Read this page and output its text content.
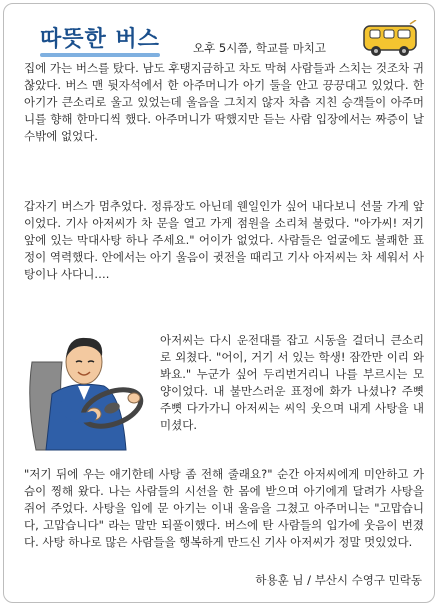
따뜻한 버스	오후 5시쯤, 학교를 마치고

집에 가는 버스를 탔다. 남도 후탱지금하고 차도 막혀 사람들과 스치는 것조차 귀찮았다. 버스 맨 뒷자석에서 한 아주머니가 아기 둘을 안고 끙끙대고 있었다. 한 아기가 큰소리로 울고 있었는데 울음을 그치지 않자 차츰 지친 승객들이 아주머니를 향해 한마디씩 했다. 아주머니가 딱했지만 듣는 사람 입장에서는 짜증이 날 수밖에 없었다.

갑자기 버스가 멈추었다. 정류장도 아닌데 웬일인가 싶어 내다보니 선물 가게 앞이었다. 기사 아저씨가 차 문을 열고 가게 점원을 소리쳐 불렀다. "아가씨! 저기 앞에 있는 막대사탕 하나 주세요." 어이가 없었다. 사람들은 얼굴에도 불쾌한 표정이 역력했다. 안에서는 아기 울음이 귓전을 때리고 기사 아저씨는 차 세워서 사탕이나 사다니….

아저씨는 다시 운전대를 잡고 시동을 걸더니 큰소리로 외쳤다. "어이, 거기 서 있는 학생! 잠깐만 이리 와 봐요." 누군가 싶어 두리번거리니 나를 부르시는 모양이었다. 내 불만스러운 표정에 화가 나셨나? 주뼛주뼛 다가가니 아저씨는 씨익 웃으며 내게 사탕을 내미셨다.

"저기 뒤에 우는 애기한테 사탕 좀 전해 줄래요?" 순간 아저씨에게 미안하고 가슴이 찡해 왔다. 나는 사람들의 시선을 한 몸에 받으며 아기에게 달려가 사탕을 쥐어 주었다. 사탕을 입에 문 아기는 이내 울음을 그쳤고 아주머니는 "고맙습니다, 고맙습니다" 라는 말만 되풀이했다. 버스에 탄 사람들의 입가에 웃음이 번졌다. 사탕 하나로 많은 사람들을 행복하게 만드신 기사 아저씨가 정말 멋있었다.

하용훈 님 / 부산시 수영구 민락동
